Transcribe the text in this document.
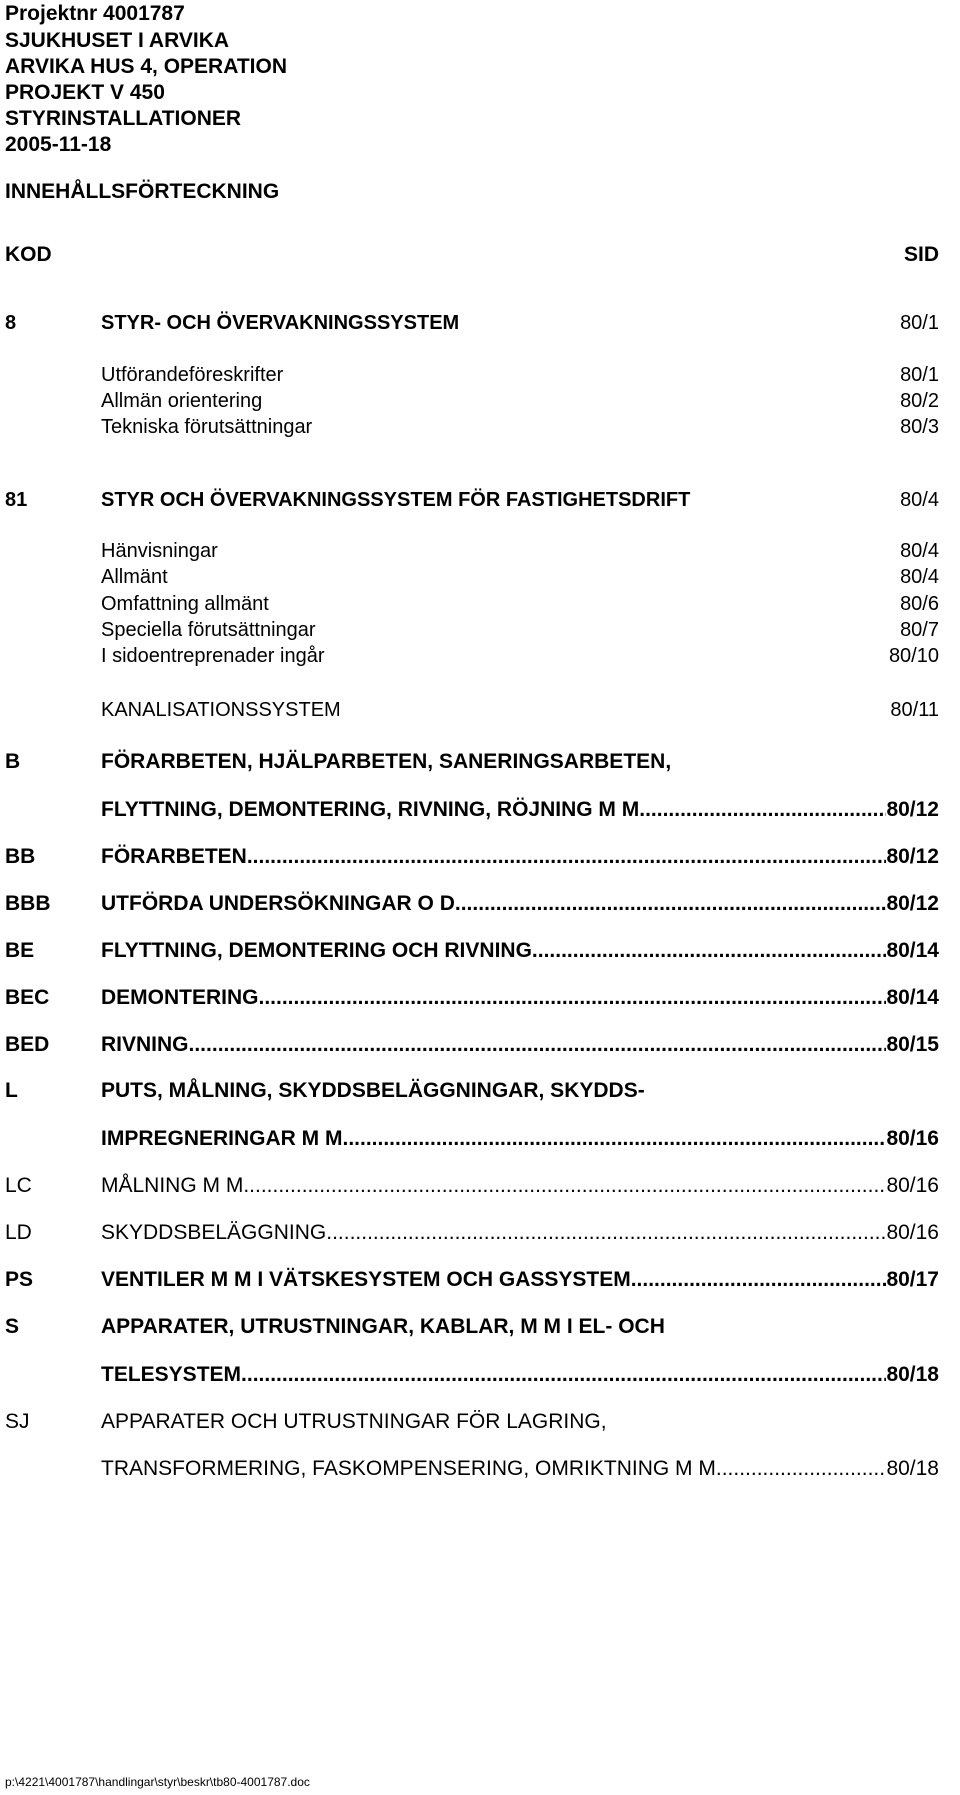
Projektnr 4001787
SJUKHUSET I ARVIKA
ARVIKA HUS 4, OPERATION
PROJEKT V 450
STYRINSTALLATIONER
2005-11-18
INNEHÅLLSFÖRTECKNING
KOD	SID
8	STYR- OCH ÖVERVAKNINGSSYSTEM	80/1
Utförandeföreskrifter	80/1
Allmän orientering	80/2
Tekniska förutsättningar	80/3
81	STYR OCH ÖVERVAKNINGSSYSTEM FÖR FASTIGHETSDRIFT	80/4
Hänvisningar	80/4
Allmänt	80/4
Omfattning allmänt	80/6
Speciella förutsättningar	80/7
I sidoentreprenader ingår	80/10
KANALISATIONSSYSTEM	80/11
B	FÖRARBETEN, HJÄLPARBETEN, SANERINGSARBETEN,
FLYTTNING, DEMONTERING, RIVNING, RÖJNING M M .....	80/12
BB	FÖRARBETEN .....	80/12
BBB UTFÖRDA UNDERSÖKNINGAR O D .....	80/12
BE	FLYTTNING, DEMONTERING OCH RIVNING .....	80/14
BEC DEMONTERING .....	80/14
BED RIVNING .....	80/15
L	PUTS, MÅLNING, SKYDDSBELÄGGNINGAR, SKYDDS-
IMPREGNERINGAR M M .....	80/16
LC	MÅLNING M M .....	80/16
LD	SKYDDSBELÄGGNING .....	80/16
PS	VENTILER M M I VÄTSKESYSTEM OCH GASSYSTEM .....	80/17
S	APPARATER, UTRUSTNINGAR, KABLAR, M M I EL- OCH
TELESYSTEM .....	80/18
SJ	APPARATER OCH UTRUSTNINGAR FÖR LAGRING,
TRANSFORMERING, FASKOMPENSERING, OMRIKTNING M M .....	80/18
p:\4221\4001787\handlingar\styr\beskr\tb80-4001787.doc
